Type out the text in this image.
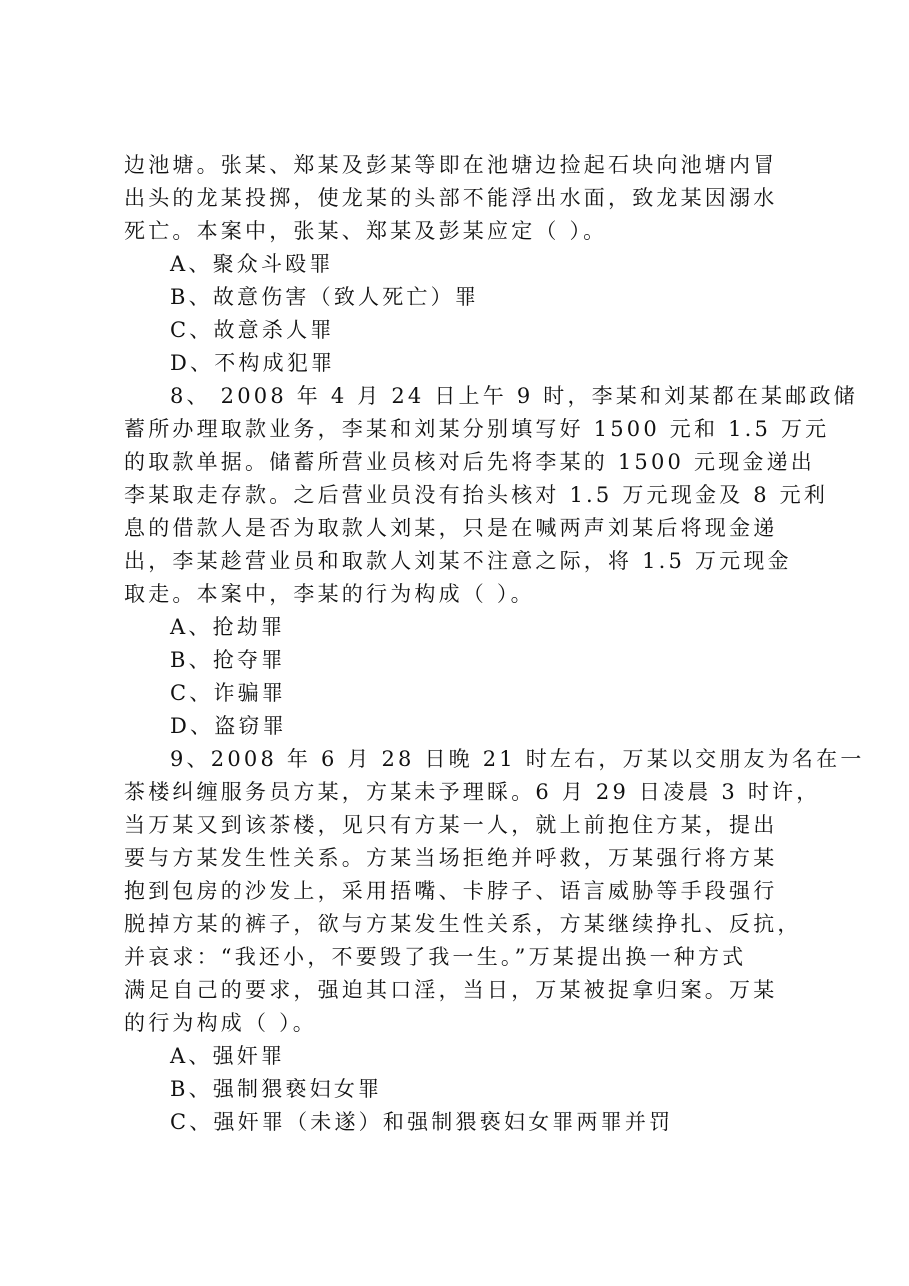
边池塘。张某、郑某及彭某等即在池塘边捡起石块向池塘内冒
出头的龙某投掷，使龙某的头部不能浮出水面，致龙某因溺水
死亡。本案中，张某、郑某及彭某应定（ ）。
A、聚众斗殴罪
B、故意伤害（致人死亡）罪
C、故意杀人罪
D、不构成犯罪
8、 2008 年 4 月 24 日上午 9 时，李某和刘某都在某邮政储
蓄所办理取款业务，李某和刘某分别填写好 1500 元和 1.5 万元
的取款单据。储蓄所营业员核对后先将李某的 1500 元现金递出
李某取走存款。之后营业员没有抬头核对 1.5 万元现金及 8 元利
息的借款人是否为取款人刘某，只是在喊两声刘某后将现金递
出，李某趁营业员和取款人刘某不注意之际，将 1.5 万元现金
取走。本案中，李某的行为构成（ ）。
A、抢劫罪
B、抢夺罪
C、诈骗罪
D、盗窃罪
9、2008 年 6 月 28 日晚 21 时左右，万某以交朋友为名在一
茶楼纠缠服务员方某，方某未予理睬。6 月 29 日凌晨 3 时许，
当万某又到该茶楼，见只有方某一人，就上前抱住方某，提出
要与方某发生性关系。方某当场拒绝并呼救，万某强行将方某
抱到包房的沙发上，采用捂嘴、卡脖子、语言威胁等手段强行
脱掉方某的裤子，欲与方某发生性关系，方某继续挣扎、反抗，
并哀求：“我还小，不要毁了我一生。”万某提出换一种方式
满足自己的要求，强迫其口淫，当日，万某被捉拿归案。万某
的行为构成（ ）。
A、强奸罪
B、强制猥亵妇女罪
C、强奸罪（未遂）和强制猥亵妇女罪两罪并罚
